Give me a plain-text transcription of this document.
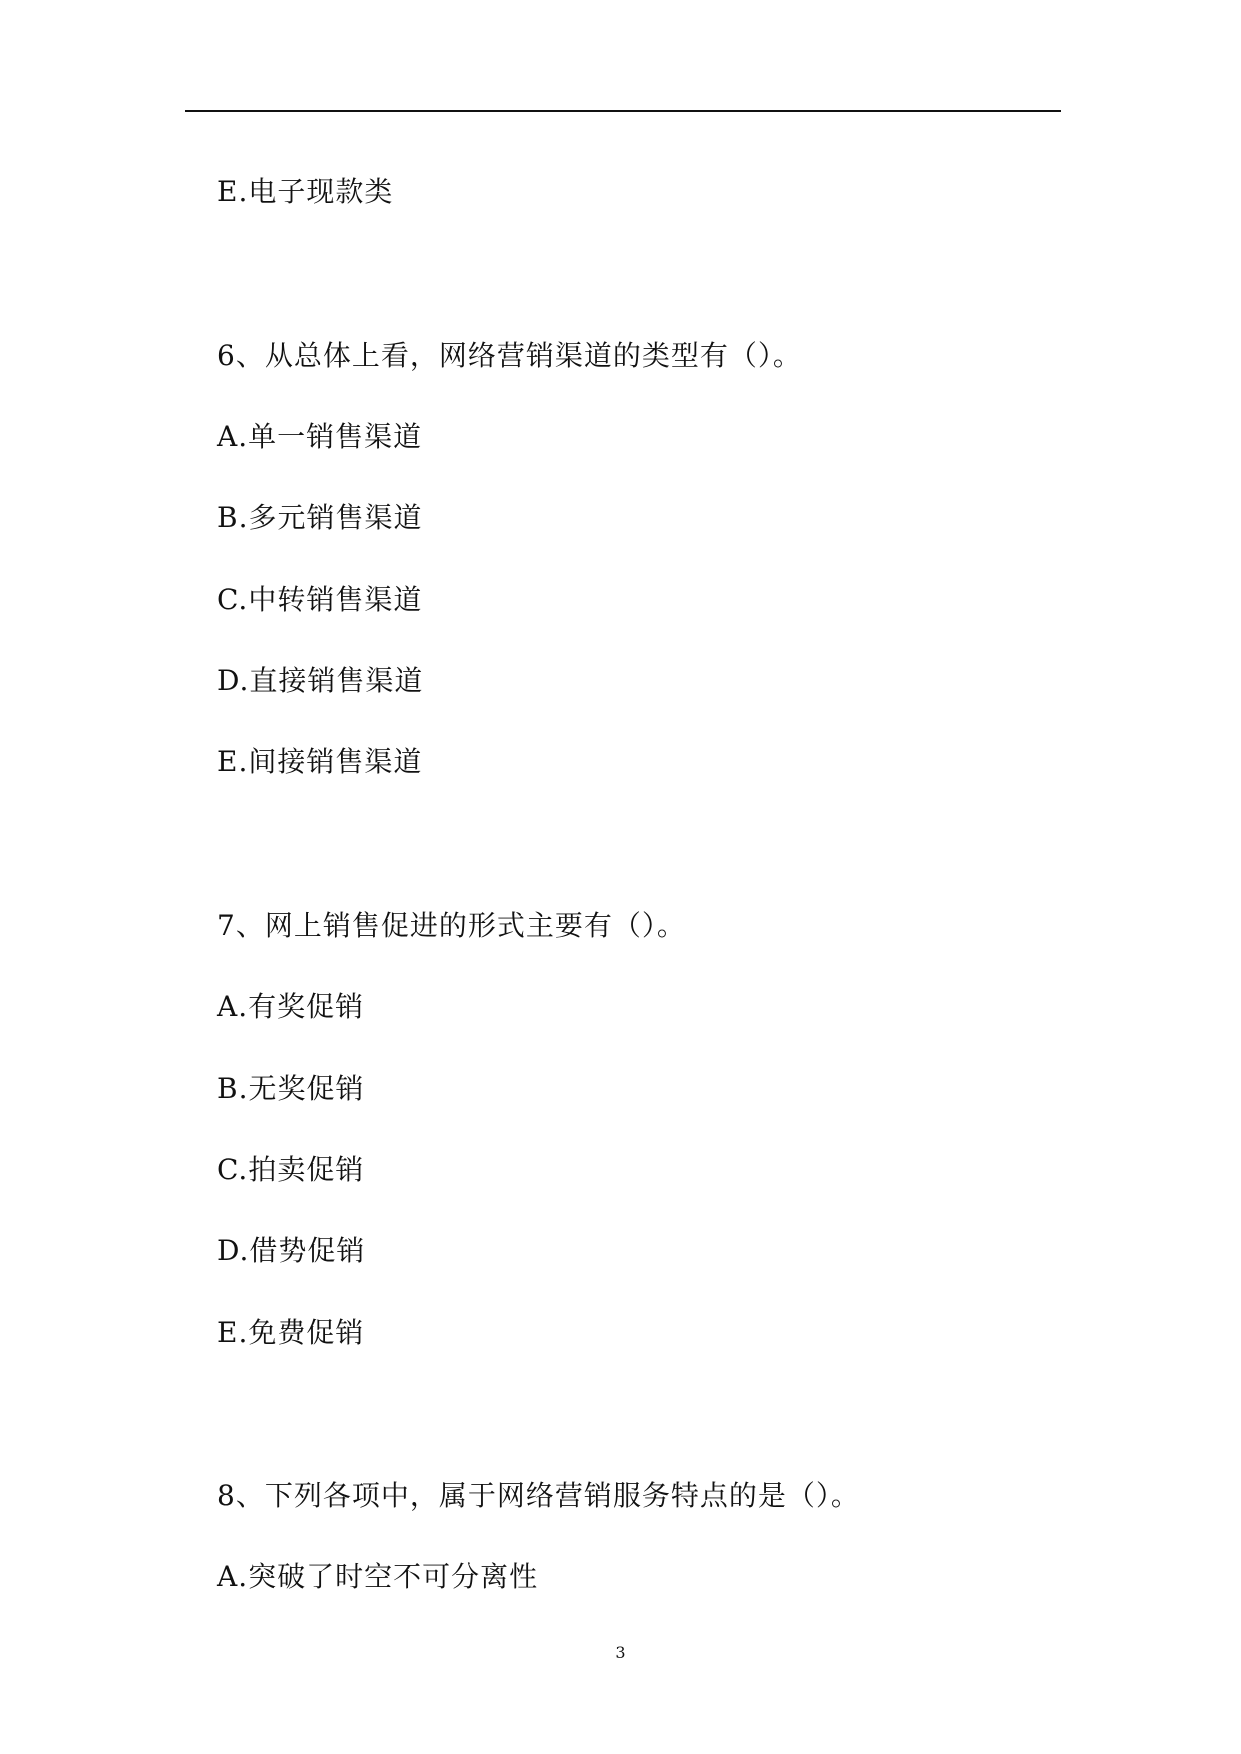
E.电子现款类
6、从总体上看，网络营销渠道的类型有（）。
A.单一销售渠道
B.多元销售渠道
C.中转销售渠道
D.直接销售渠道
E.间接销售渠道
7、网上销售促进的形式主要有（）。
A.有奖促销
B.无奖促销
C.拍卖促销
D.借势促销
E.免费促销
8、下列各项中，属于网络营销服务特点的是（）。
A.突破了时空不可分离性
3
